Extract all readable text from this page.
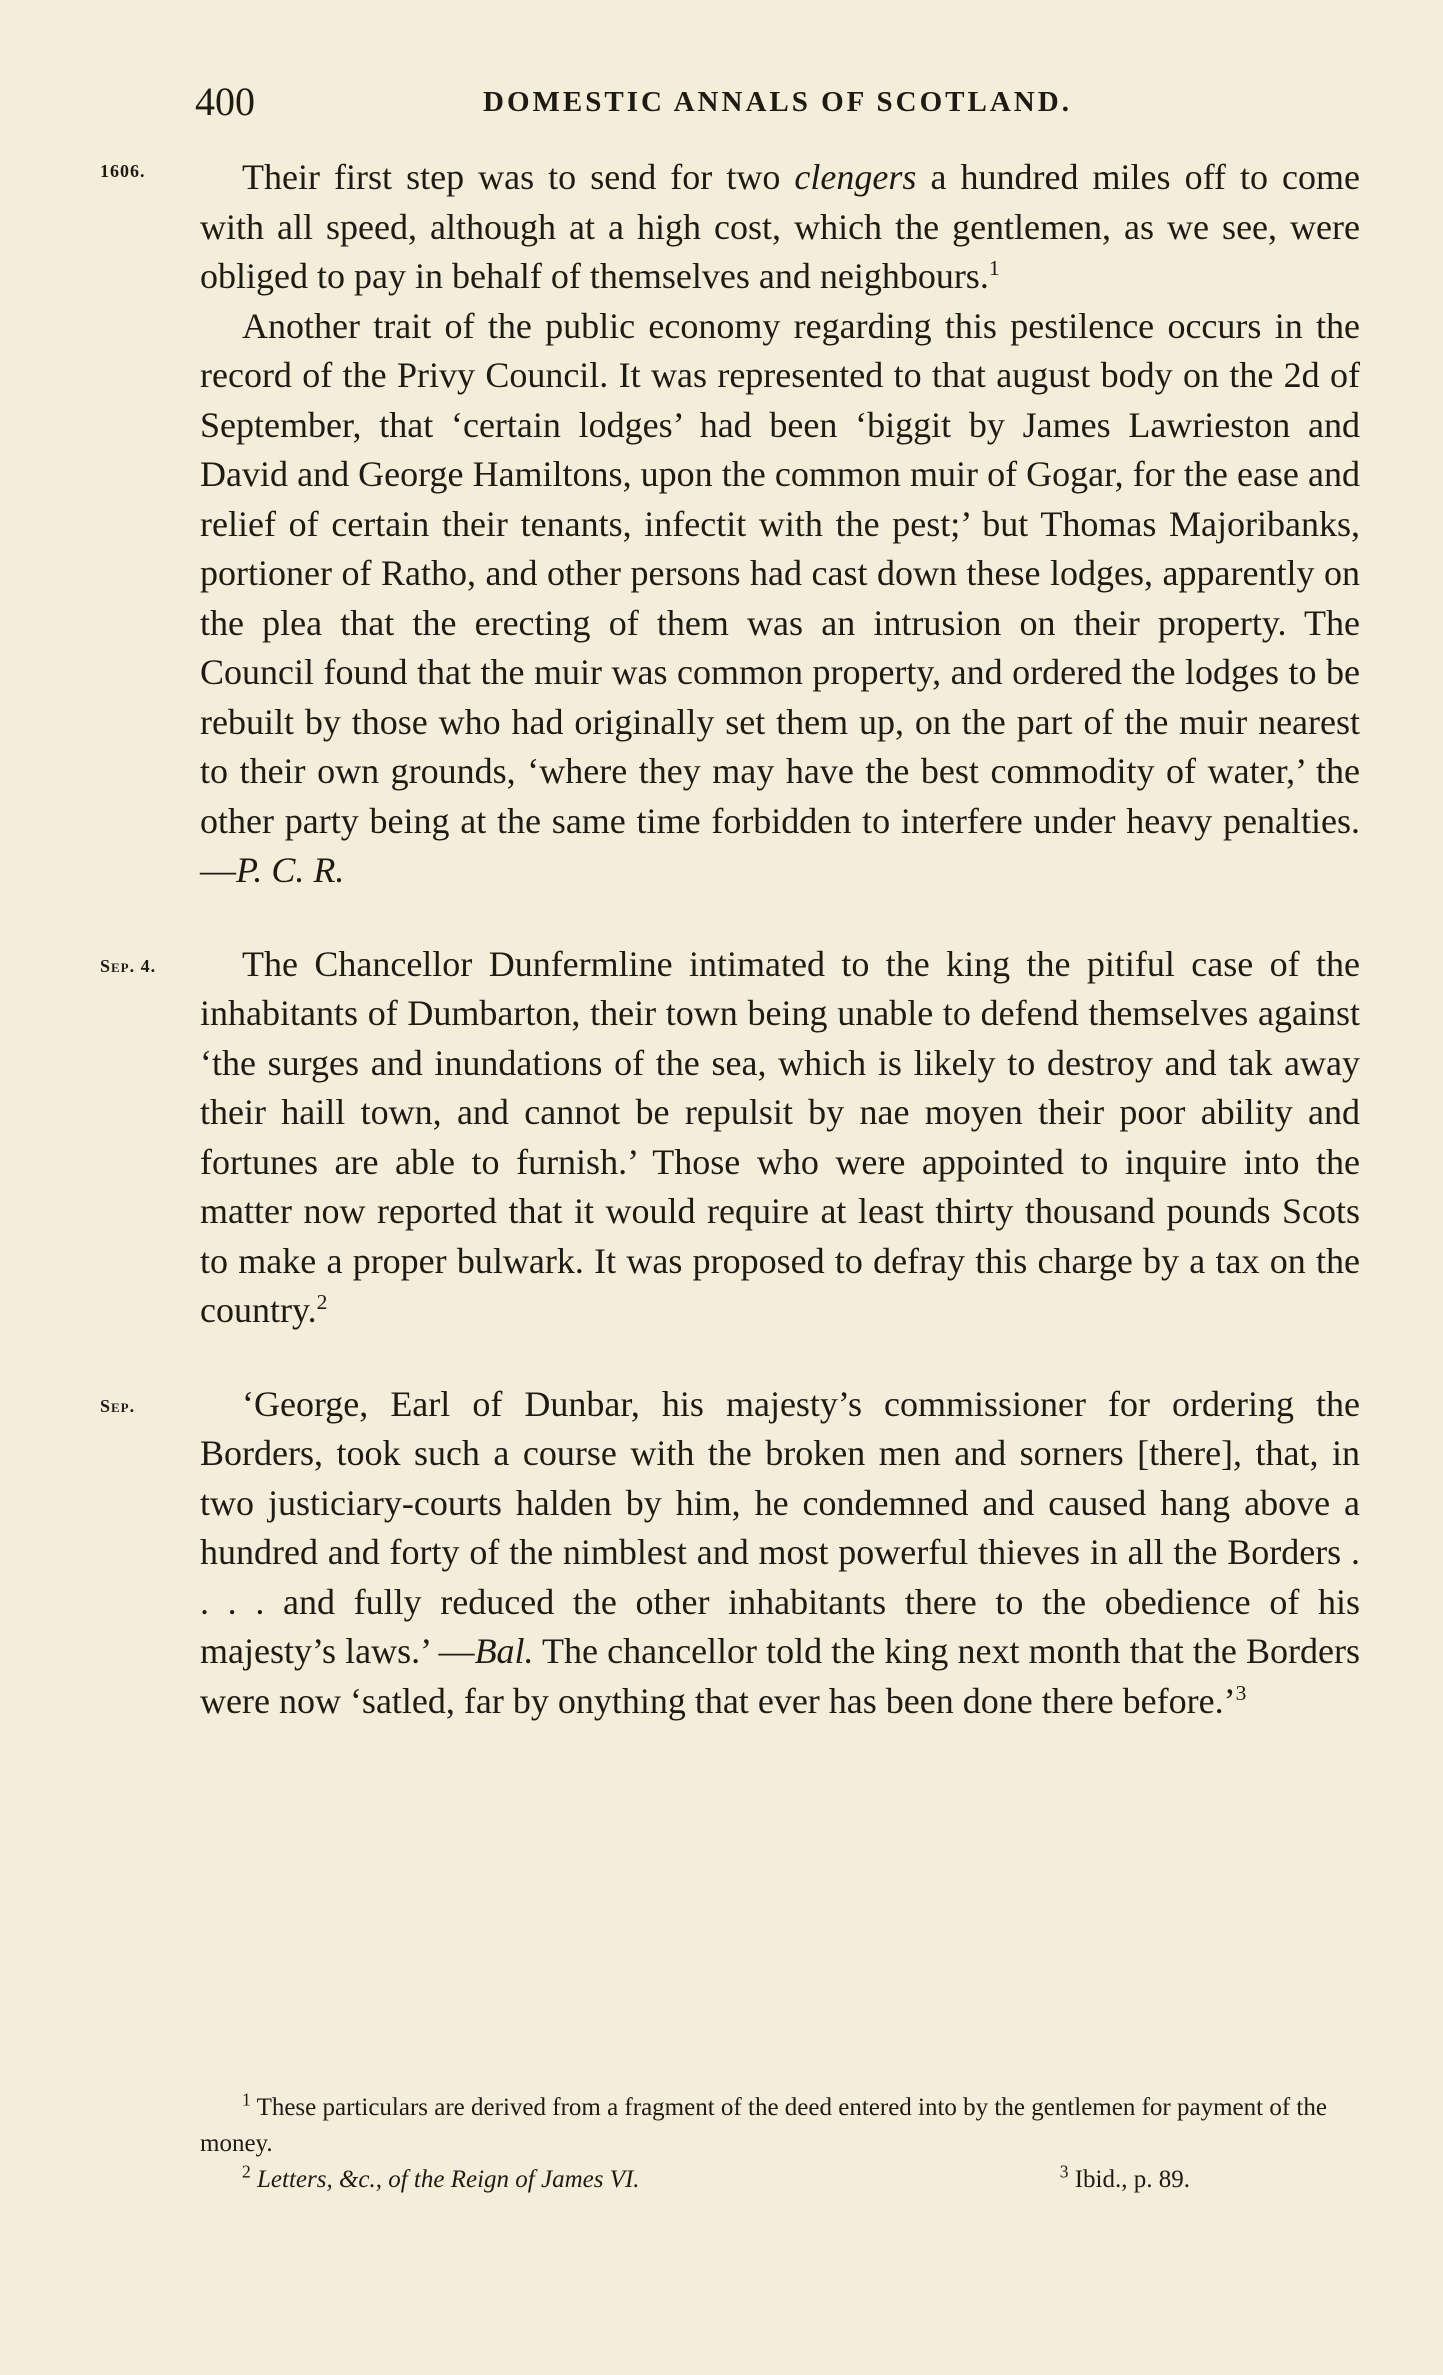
400	DOMESTIC ANNALS OF SCOTLAND.
1606.	Their first step was to send for two clengers a hundred miles off to come with all speed, although at a high cost, which the gentlemen, as we see, were obliged to pay in behalf of themselves and neighbours.$^1$

Another trait of the public economy regarding this pestilence occurs in the record of the Privy Council. It was represented to that august body on the 2d of September, that ‘certain lodges’ had been ‘biggit by James Lawrieston and David and George Hamiltons, upon the common muir of Gogar, for the ease and relief of certain their tenants, infectit with the pest;’ but Thomas Majoribanks, portioner of Ratho, and other persons had cast down these lodges, apparently on the plea that the erecting of them was an intrusion on their property. The Council found that the muir was common property, and ordered the lodges to be rebuilt by those who had originally set them up, on the part of the muir nearest to their own grounds, ‘where they may have the best commodity of water,’ the other party being at the same time forbidden to interfere under heavy penalties.—P. C. R.

Sep. 4.	The Chancellor Dunfermline intimated to the king the pitiful case of the inhabitants of Dumbarton, their town being unable to defend themselves against ‘the surges and inundations of the sea, which is likely to destroy and tak away their haill town, and cannot be repulsit by nae moyen their poor ability and fortunes are able to furnish.’ Those who were appointed to inquire into the matter now reported that it would require at least thirty thousand pounds Scots to make a proper bulwark. It was proposed to defray this charge by a tax on the country.$^2$

Sep.	‘George, Earl of Dunbar, his majesty’s commissioner for ordering the Borders, took such a course with the broken men and sorners [there], that, in two justiciary-courts halden by him, he condemned and caused hang above a hundred and forty of the nimblest and most powerful thieves in all the Borders . . . . and fully reduced the other inhabitants there to the obedience of his majesty’s laws.’ —Bal. The chancellor told the king next month that the Borders were now ‘satled, far by onything that ever has been done there before.’$^3$

$^1$ These particulars are derived from a fragment of the deed entered into by the gentlemen for payment of the money.

$^2$ Letters, &c., of the Reign of James VI.	$^3$ Ibid., p. 89.
